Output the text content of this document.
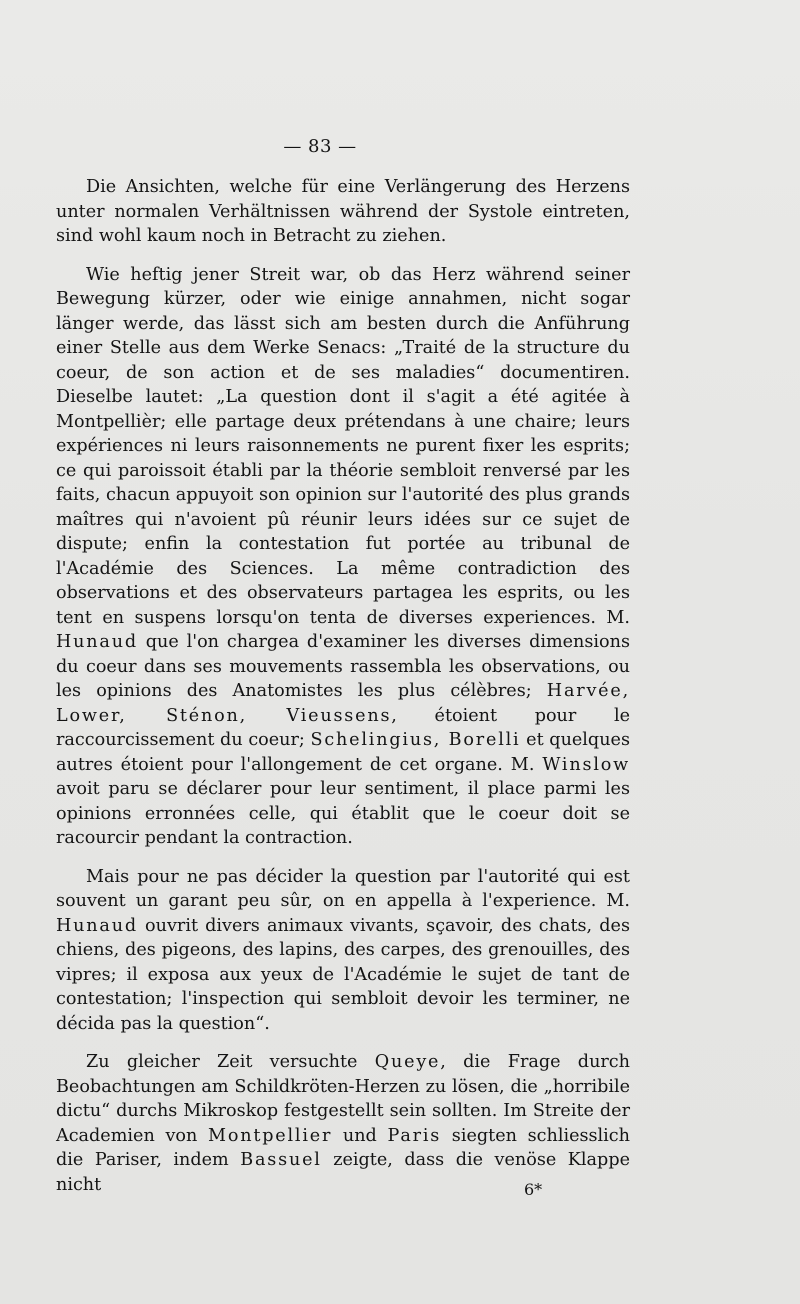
— 83 —

Die Ansichten, welche für eine Verlängerung des Herzens unter normalen Verhältnissen während der Systole eintreten, sind wohl kaum noch in Betracht zu ziehen.

Wie heftig jener Streit war, ob das Herz während seiner Bewegung kürzer, oder wie einige annahmen, nicht sogar länger werde, das lässt sich am besten durch die Anführung einer Stelle aus dem Werke Senacs: „Traité de la structure du coeur, de son action et de ses maladies“ documentiren. Dieselbe lautet: „La question dont il s'agit a été agitée à Montpellièr; elle partage deux prétendans à une chaire; leurs expériences ni leurs raisonnements ne purent fixer les esprits; ce qui paroissoit établi par la théorie sembloit renversé par les faits, chacun appuyoit son opinion sur l'autorité des plus grands maîtres qui n'avoient pû réunir leurs idées sur ce sujet de dispute; enfin la contestation fut portée au tribunal de l'Académie des Sciences. La même contradiction des observations et des observateurs partagea les esprits, ou les tent en suspens lorsqu'on tenta de diverses experiences. M. Hunaud que l'on chargea d'examiner les diverses dimensions du coeur dans ses mouvements rassembla les observations, ou les opinions des Anatomistes les plus célèbres; Harvée, Lower, Sténon, Vieussens, étoient pour le raccourcissement du coeur; Schelingius, Borelli et quelques autres étoient pour l'allongement de cet organe. M. Winslow avoit paru se déclarer pour leur sentiment, il place parmi les opinions erronnées celle, qui établit que le coeur doit se racourcir pendant la contraction.

Mais pour ne pas décider la question par l'autorité qui est souvent un garant peu sûr, on en appella à l'experience. M. Hunaud ouvrit divers animaux vivants, sçavoir, des chats, des chiens, des pigeons, des lapins, des carpes, des grenouilles, des vipres; il exposa aux yeux de l'Académie le sujet de tant de contestation; l'inspection qui sembloit devoir les terminer, ne décida pas la question“.

Zu gleicher Zeit versuchte Queye, die Frage durch Beobachtungen am Schildkröten-Herzen zu lösen, die „horribile dictu“ durchs Mikroskop festgestellt sein sollten. Im Streite der Academien von Montpellier und Paris siegten schliesslich die Pariser, indem Bassuel zeigte, dass die venöse Klappe nicht	6*
